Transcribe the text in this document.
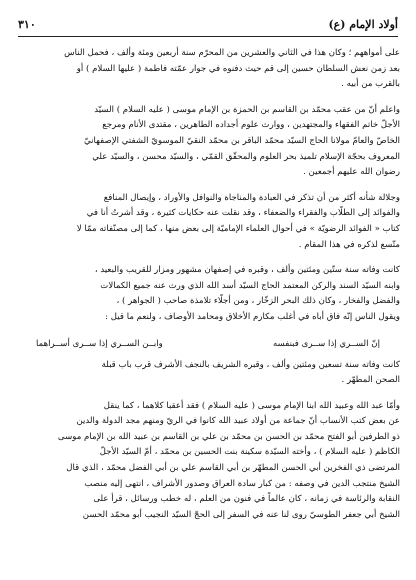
أولاد الإمام (ع)
٣١٠
على أمواههم ؛ وكان هذا في الثاني والعشرين من المحرّم سنة أربعين ومئة وألف ، فحمل الناس
بعد زمن نعش السلطان حسين إلى قم حيث دفنوه في جوار عمّته فاطمة ( عليها السلام ) أو
بالقرب من أبيه .
واعلم أنّ من عقب محمّد بن القاسم بن الحمزة بن الإمام موسى ( عليه السلام ) السيّد
الأجلّ خاتم الفقهاء والمجتهدين ، ووارث علوم أجداده الطاهرين ، مقتدى الأنام ومرجع
الخاصّ والعامّ مولانا الحاج السيّد محمّد الباقر بن محمّد النقيّ الموسويّ الشفتي الإصفهانيّ
المعروف بحجّة الإسلام تلميذ بحر العلوم والمحقّق القمّي ، والسيّد محسن ، والسيّد علي
رضوان الله عليهم أجمعين .
وجلالة شأنه أكثر من أن تذكر في العبادة والمناجاة والنوافل والأوراد ، وإيصال المنافع
والفوائد إلى الطلّاب والفقراء والضعفاء ، وقد نقلت عنه حكايات كثيرة ، وقد أشرتُ أنا في
كتاب « الفوائد الرضويّة » في أحوال العلماء الإماميّة إلى بعض منها ، كما إلى مصنّفاته ممّا لا
متّسع لذكره في هذا المقام .
كانت وفاته سنة ستّين ومئتين وألف ، وقبره في إصفهان مشهور ومزار للقريب والبعيد ،
وابنه السيّد السند والركن المعتمد الحاج السيّد أسد الله الذي ورث عنه جميع الكمالات
والفضل والفخار ، وكان ذلك البحر الزخّار ، ومن أجلّاء تلامذة صاحب ( الجواهر ) ،
ويقول الناس إنّه فاق أباه في أغلب مكارم الأخلاق ومحامد الأوصاف ، ولنعم ما قيل :
إنّ الســري إذا ســرى فبنفسه
وابــن الســري إذا ســرى أســراهما
كانت وفاته سنة تسعين ومئتين وألف ، وقبره الشريف بالنجف الأشرف قرب باب قبلة
الصحن المطهّر .
وأمّا عبد الله وعبيد الله ابنا الإمام موسى ( عليه السلام ) فقد أعقبا كلاهما ، كما ينقل
عن بعض كتب الأنساب أنّ جماعة من أولاد عبيد الله كانوا في الريّ ومنهم مجد الدولة والدين
ذو الطرفين أبو الفتح محمّد بن الحسن بن محمّد بن علي بن القاسم بن عبيد الله بن الإمام موسى
الكاظم ( عليه السلام ) ، وأخته السيّدة سكينة بنت الحسين بن محمّد ، أمّ السيّد الأجلّ
المرتضى ذي الفخرين أبي الحسن المطهّر بن أبي القاسم علي بن أبي الفضل محمّد ، الذي قال
الشيخ منتجب الدين في وصفه : من كبار سادة العراق وصدور الأشراف ، انتهى إليه منصب
النقابة والرئاسة في زمانه ، كان عالماً في فنون من العلم ، له خطب ورسائل ، قرأ على
الشيخ أبي جعفر الطوسيّ روى لنا عنه في السفر إلى الحجّ السيّد النجيب أبو محمّد الحسن
